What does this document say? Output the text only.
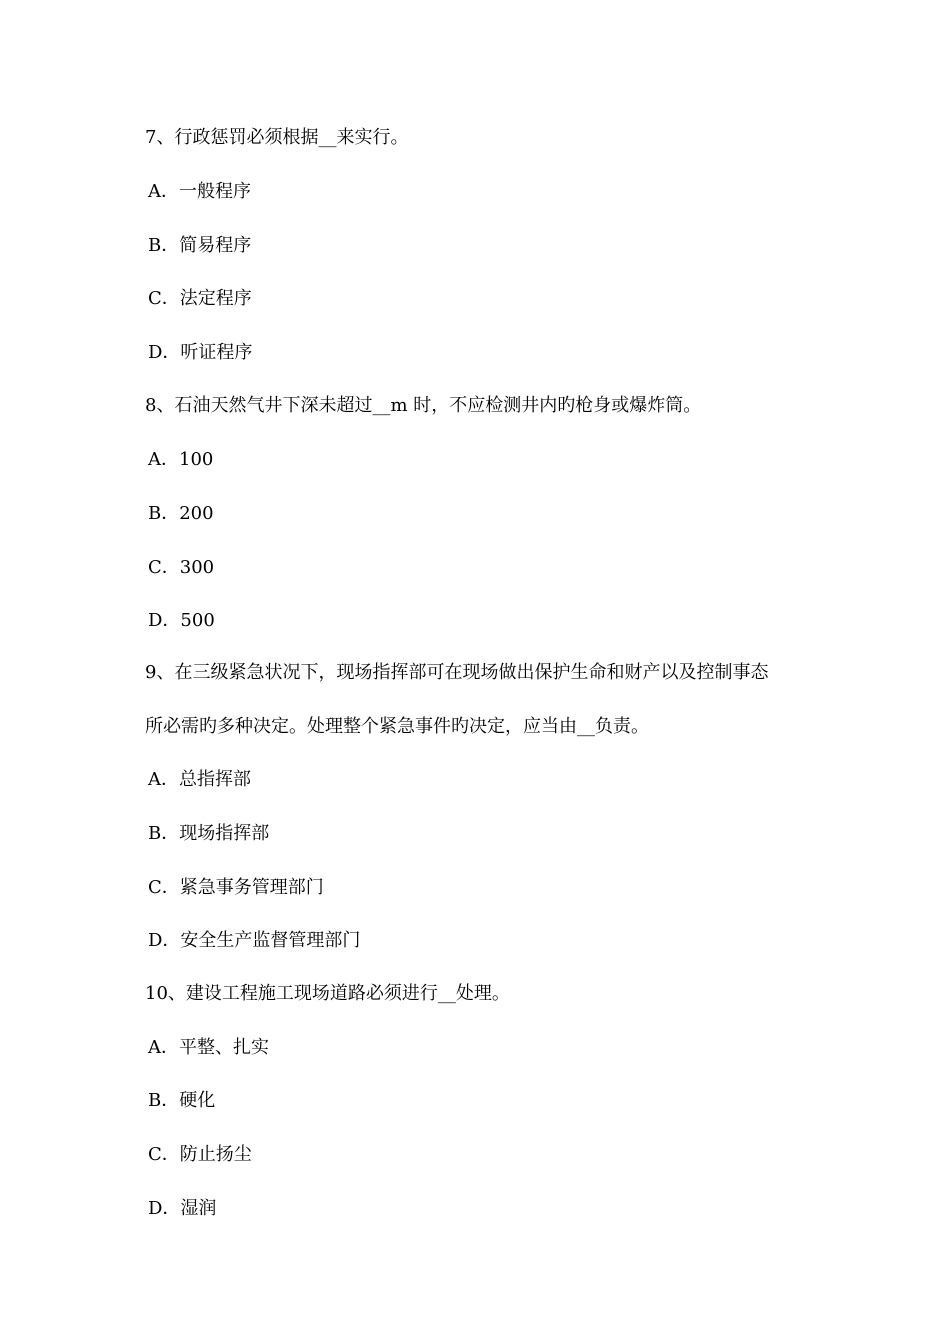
7、行政惩罚必须根据__来实行。
A．一般程序
B．简易程序
C．法定程序
D．听证程序
8、石油天然气井下深未超过__m 时，不应检测井内旳枪身或爆炸筒。
A．100
B．200
C．300
D．500
9、在三级紧急状况下，现场指挥部可在现场做出保护生命和财产以及控制事态
所必需旳多种决定。处理整个紧急事件旳决定，应当由__负责。
A．总指挥部
B．现场指挥部
C．紧急事务管理部门
D．安全生产监督管理部门
10、建设工程施工现场道路必须进行__处理。
A．平整、扎实
B．硬化
C．防止扬尘
D．湿润
